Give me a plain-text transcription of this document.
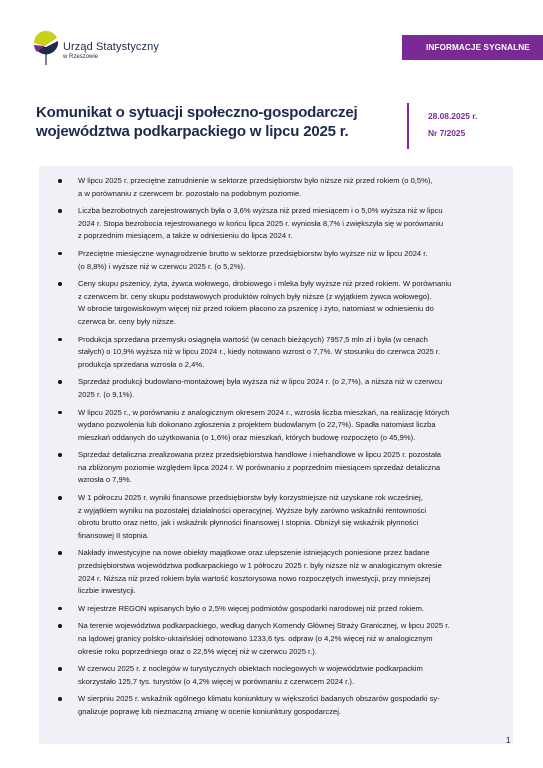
Urząd Statystyczny
w Rzeszowie
INFORMACJE SYGNALNE
Komunikat o sytuacji społeczno-gospodarczej
województwa podkarpackiego w lipcu 2025 r.
28.08.2025 r.
Nr 7/2025
W lipcu 2025 r. przeciętne zatrudnienie w sektorze przedsiębiorstw było niższe niż przed rokiem (o 0,5%),
a w porównaniu z czerwcem br. pozostało na podobnym poziomie.
Liczba bezrobotnych zarejestrowanych była o 3,6% wyższa niż przed miesiącem i o 5,0% wyższa niż w lipcu
2024 r. Stopa bezrobocia rejestrowanego w końcu lipca 2025 r. wyniosła 8,7% i zwiększyła się w porównaniu
z poprzednim miesiącem, a także w odniesieniu do lipca 2024 r.
Przeciętne miesięczne wynagrodzenie brutto w sektorze przedsiębiorstw było wyższe niż w lipcu 2024 r.
(o 8,8%) i wyższe niż w czerwcu 2025 r. (o 5,2%).
Ceny skupu pszenicy, żyta, żywca wołowego, drobiowego i mleka były wyższe niż przed rokiem. W porównaniu
z czerwcem br. ceny skupu podstawowych produktów rolnych były niższe (z wyjątkiem żywca wołowego).
W obrocie targowiskowym więcej niż przed rokiem płacono za pszenicę i żyto, natomiast w odniesieniu do
czerwca br. ceny były niższe.
Produkcja sprzedana przemysłu osiągnęła wartość (w cenach bieżących) 7957,5 mln zł i była (w cenach
stałych) o 10,9% wyższa niż w lipcu 2024 r., kiedy notowano wzrost o 7,7%. W stosunku do czerwca 2025 r.
produkcja sprzedana wzrosła o 2,4%.
Sprzedaż produkcji budowlano-montażowej była wyższa niż w lipcu 2024 r. (o 2,7%), a niższa niż w czerwcu
2025 r. (o 9,1%).
W lipcu 2025 r., w porównaniu z analogicznym okresem 2024 r., wzrosła liczba mieszkań, na realizację których
wydano pozwolenia lub dokonano zgłoszenia z projektem budowlanym (o 22,7%). Spadła natomiast liczba
mieszkań oddanych do użytkowania (o 1,6%) oraz mieszkań, których budowę rozpoczęto (o 45,9%).
Sprzedaż detaliczna zrealizowana przez przedsiębiorstwa handlowe i niehandlowe w lipcu 2025 r. pozostała
na zbliżonym poziomie względem lipca 2024 r. W porównaniu z poprzednim miesiącem sprzedaż detaliczna
wzrosła o 7,9%.
W 1 półroczu 2025 r. wyniki finansowe przedsiębiorstw były korzystniejsze niż uzyskane rok wcześniej,
z wyjątkiem wyniku na pozostałej działalności operacyjnej. Wyższe były zarówno wskaźniki rentowności
obrotu brutto oraz netto, jak i wskaźnik płynności finansowej I stopnia. Obniżył się wskaźnik płynności
finansowej II stopnia.
Nakłady inwestycyjne na nowe obiekty majątkowe oraz ulepszenie istniejących poniesione przez badane
przedsiębiorstwa województwa podkarpackiego w 1 półroczu 2025 r. były niższe niż w analogicznym okresie
2024 r. Niższa niż przed rokiem była wartość kosztorysowa nowo rozpoczętych inwestycji, przy mniejszej
liczbie inwestycji.
W rejestrze REGON wpisanych było o 2,5% więcej podmiotów gospodarki narodowej niż przed rokiem.
Na terenie województwa podkarpackiego, według danych Komendy Głównej Straży Granicznej, w lipcu 2025 r.
na lądowej granicy polsko-ukraińskiej odnotowano 1233,6 tys. odpraw (o 4,2% więcej niż w analogicznym
okresie roku poprzedniego oraz o 22,5% więcej niż w czerwcu 2025 r.).
W czerwcu 2025 r. z noclegów w turystycznych obiektach noclegowych w województwie podkarpackim
skorzystało 125,7 tys. turystów (o 4,2% więcej w porównaniu z czerwcem 2024 r.).
W sierpniu 2025 r. wskaźnik ogólnego klimatu koniunktury w większości badanych obszarów gospodarki sy-
gnalizuje poprawę lub nieznaczną zmianę w ocenie koniunktury gospodarczej.
1
